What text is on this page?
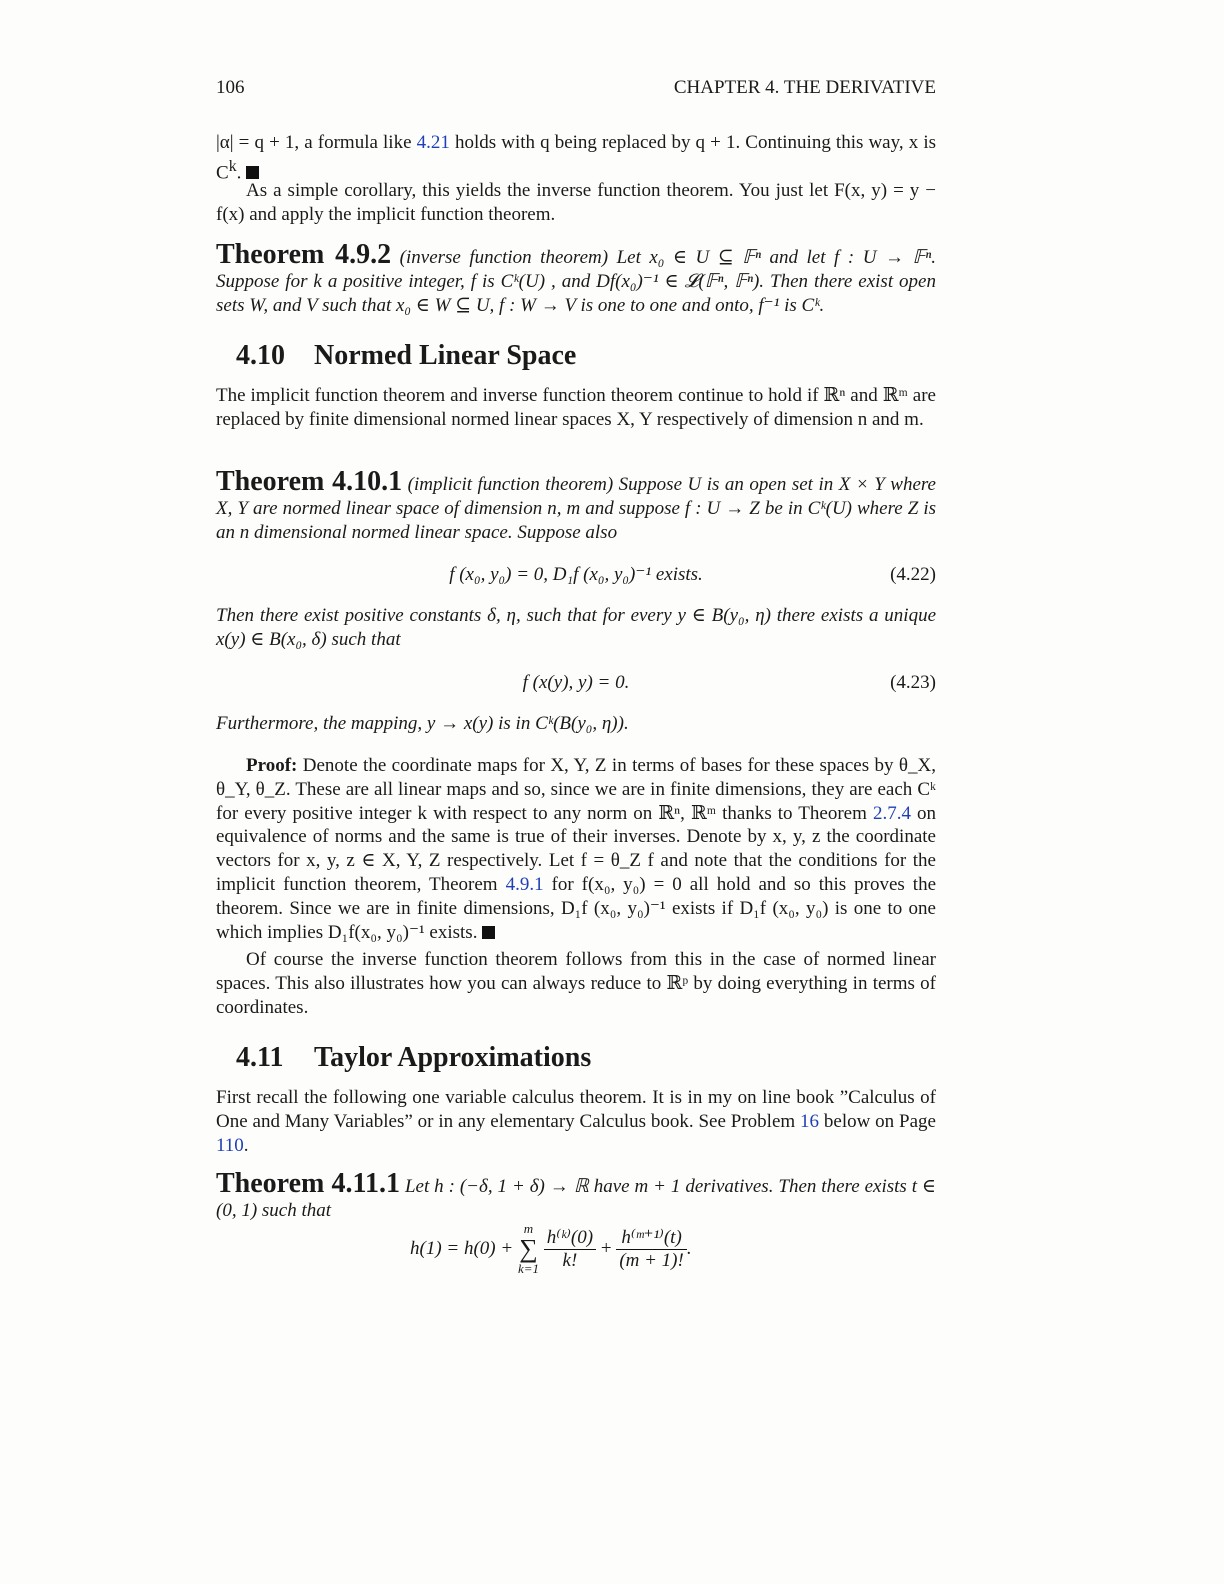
106	CHAPTER 4. THE DERIVATIVE
|α| = q + 1, a formula like 4.21 holds with q being replaced by q + 1. Continuing this way, x is $C^k$.
As a simple corollary, this yields the inverse function theorem. You just let F(x, y) = y − f(x) and apply the implicit function theorem.
Theorem 4.9.2 (inverse function theorem) Let x₀ ∈ U ⊆ 𝔽ⁿ and let f : U → 𝔽ⁿ. Suppose for k a positive integer, f is Cᵏ(U) , and Df(x₀)⁻¹ ∈ 𝓛(𝔽ⁿ, 𝔽ⁿ). Then there exist open sets W, and V such that x₀ ∈ W ⊆ U, f : W → V is one to one and onto, f⁻¹ is Cᵏ.
4.10 Normed Linear Space
The implicit function theorem and inverse function theorem continue to hold if ℝⁿ and ℝᵐ are replaced by finite dimensional normed linear spaces X, Y respectively of dimension n and m.
Theorem 4.10.1 (implicit function theorem) Suppose U is an open set in X × Y where X, Y are normed linear space of dimension n, m and suppose f : U → Z be in Cᵏ(U) where Z is an n dimensional normed linear space. Suppose also
f (x₀, y₀) = 0, D₁f (x₀, y₀)⁻¹ exists.	(4.22)
Then there exist positive constants δ, η, such that for every y ∈ B(y₀, η) there exists a unique x(y) ∈ B(x₀, δ) such that
f (x(y), y) = 0.	(4.23)
Furthermore, the mapping, y → x(y) is in Cᵏ(B(y₀, η)).
Proof: Denote the coordinate maps for X, Y, Z in terms of bases for these spaces by θ_X, θ_Y, θ_Z. These are all linear maps and so, since we are in finite dimensions, they are each Cᵏ for every positive integer k with respect to any norm on ℝⁿ, ℝᵐ thanks to Theorem 2.7.4 on equivalence of norms and the same is true of their inverses. Denote by x, y, z the coordinate vectors for x, y, z ∈ X, Y, Z respectively. Let f = θ_Z f and note that the conditions for the implicit function theorem, Theorem 4.9.1 for f(x₀, y₀) = 0 all hold and so this proves the theorem. Since we are in finite dimensions, D₁f (x₀, y₀)⁻¹ exists if D₁f (x₀, y₀) is one to one which implies D₁f(x₀, y₀)⁻¹ exists.
Of course the inverse function theorem follows from this in the case of normed linear spaces. This also illustrates how you can always reduce to ℝᵖ by doing everything in terms of coordinates.
4.11 Taylor Approximations
First recall the following one variable calculus theorem. It is in my on line book ”Calculus of One and Many Variables” or in any elementary Calculus book. See Problem 16 below on Page 110.
Theorem 4.11.1 Let h : (−δ, 1 + δ) → ℝ have m + 1 derivatives. Then there exists t ∈ (0, 1) such that
h(1) = h(0) +
m
∑
k=1
$\frac{\text{h⁽ᵏ⁾(0)}}{k!} + \frac{\text{h⁽ᵐ⁺¹⁾(t)}}{(m + 1)!}$ .
